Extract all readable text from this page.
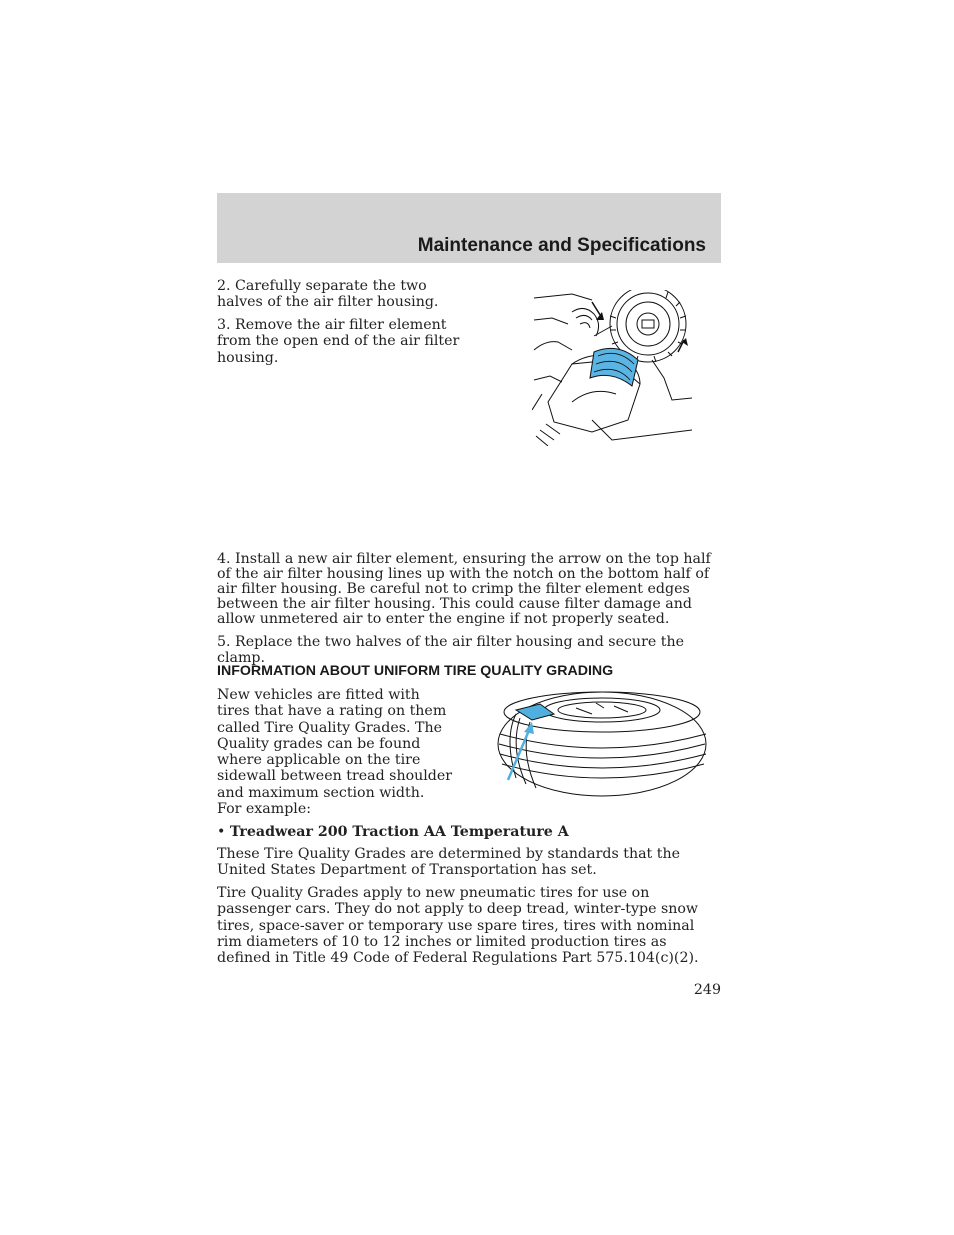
Maintenance and Specifications

2. Carefully separate the two halves of the air filter housing.

3. Remove the air filter element from the open end of the air filter housing.

4. Install a new air filter element, ensuring the arrow on the top half of the air filter housing lines up with the notch on the bottom half of air filter housing. Be careful not to crimp the filter element edges between the air filter housing. This could cause filter damage and allow unmetered air to enter the engine if not properly seated.

5. Replace the two halves of the air filter housing and secure the clamp.

INFORMATION ABOUT UNIFORM TIRE QUALITY GRADING

New vehicles are fitted with tires that have a rating on them called Tire Quality Grades. The Quality grades can be found where applicable on the tire sidewall between tread shoulder and maximum section width. For example:

• Treadwear 200 Traction AA Temperature A

These Tire Quality Grades are determined by standards that the United States Department of Transportation has set.

Tire Quality Grades apply to new pneumatic tires for use on passenger cars. They do not apply to deep tread, winter-type snow tires, space-saver or temporary use spare tires, tires with nominal rim diameters of 10 to 12 inches or limited production tires as defined in Title 49 Code of Federal Regulations Part 575.104(c)(2).

249
